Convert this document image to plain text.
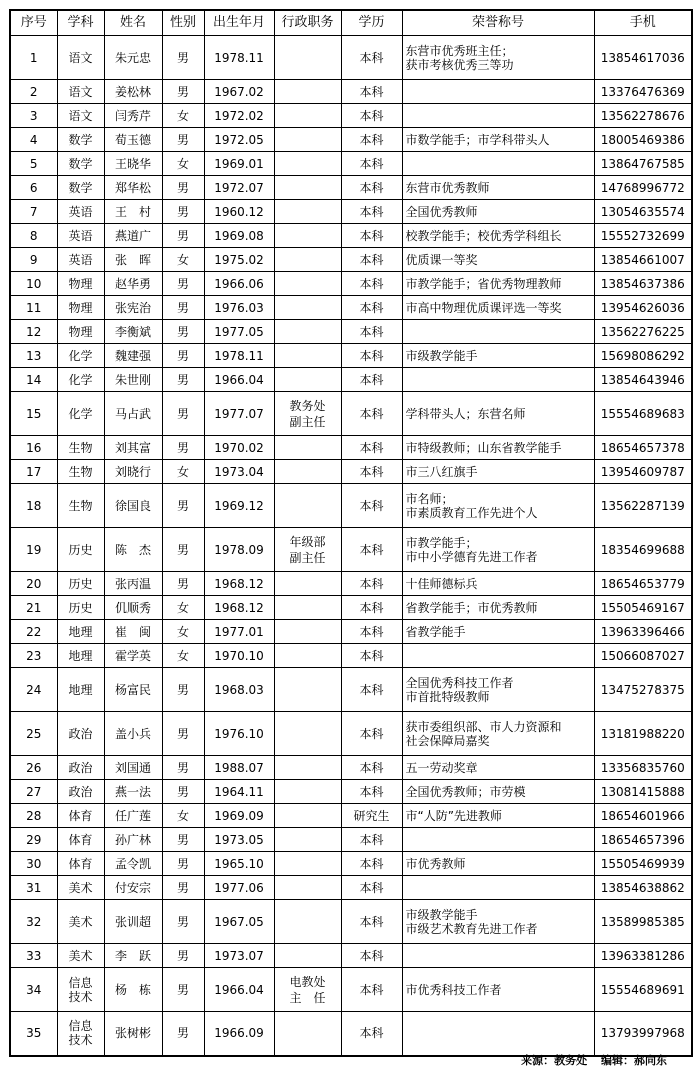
序号	学科	姓名	性别	出生年月	行政职务	学历	荣誉称号	手机
1	语文	朱元忠	男	1978.11		本科	东营市优秀班主任；
获市考核优秀三等功	13854617036
2	语文	姜松林	男	1967.02		本科		13376476369
3	语文	闫秀芹	女	1972.02		本科		13562278676
4	数学	荀玉德	男	1972.05		本科	市数学能手；市学科带头人	18005469386
5	数学	王晓华	女	1969.01		本科		13864767585
6	数学	郑华松	男	1972.07		本科	东营市优秀教师	14768996772
7	英语	王　村	男	1960.12		本科	全国优秀教师	13054635574
8	英语	燕道广	男	1969.08		本科	校教学能手；校优秀学科组长	15552732699
9	英语	张　晖	女	1975.02		本科	优质课一等奖	13854661007
10	物理	赵华勇	男	1966.06		本科	市教学能手；省优秀物理教师	13854637386
11	物理	张宪治	男	1976.03		本科	市高中物理优质课评选一等奖	13954626036
12	物理	李衡斌	男	1977.05		本科		13562276225
13	化学	魏建强	男	1978.11		本科	市级教学能手	15698086292
14	化学	朱世刚	男	1966.04		本科		13854643946
15	化学	马占武	男	1977.07	教务处
副主任	本科	学科带头人；东营名师	15554689683
16	生物	刘其富	男	1970.02		本科	市特级教师；山东省教学能手	18654657378
17	生物	刘晓行	女	1973.04		本科	市三八红旗手	13954609787
18	生物	徐国良	男	1969.12		本科	市名师；
市素质教育工作先进个人	13562287139
19	历史	陈　杰	男	1978.09	年级部
副主任	本科	市教学能手；
市中小学德育先进工作者	18354699688
20	历史	张丙温	男	1968.12		本科	十佳师德标兵	18654653779
21	历史	仉顺秀	女	1968.12		本科	省教学能手；市优秀教师	15505469167
22	地理	崔　闽	女	1977.01		本科	省教学能手	13963396466
23	地理	霍学英	女	1970.10		本科		15066087027
24	地理	杨富民	男	1968.03		本科	全国优秀科技工作者
市首批特级教师	13475278375
25	政治	盖小兵	男	1976.10		本科	获市委组织部、市人力资源和
社会保障局嘉奖	13181988220
26	政治	刘国通	男	1988.07		本科	五一劳动奖章	13356835760
27	政治	燕一法	男	1964.11		本科	全国优秀教师；市劳模	13081415888
28	体育	任广莲	女	1969.09		研究生	市“人防”先进教师	18654601966
29	体育	孙广林	男	1973.05		本科		18654657396
30	体育	孟令凯	男	1965.10		本科	市优秀教师	15505469939
31	美术	付安宗	男	1977.06		本科		13854638862
32	美术	张训超	男	1967.05		本科	市级教学能手
市级艺术教育先进工作者	13589985385
33	美术	李　跃	男	1973.07		本科		13963381286
34	信息
技术	杨　栋	男	1966.04	电教处
主　任	本科	市优秀科技工作者	15554689691
35	信息
技术	张树彬	男	1966.09		本科		13793997968
来源：教务处 编辑：郝向东
